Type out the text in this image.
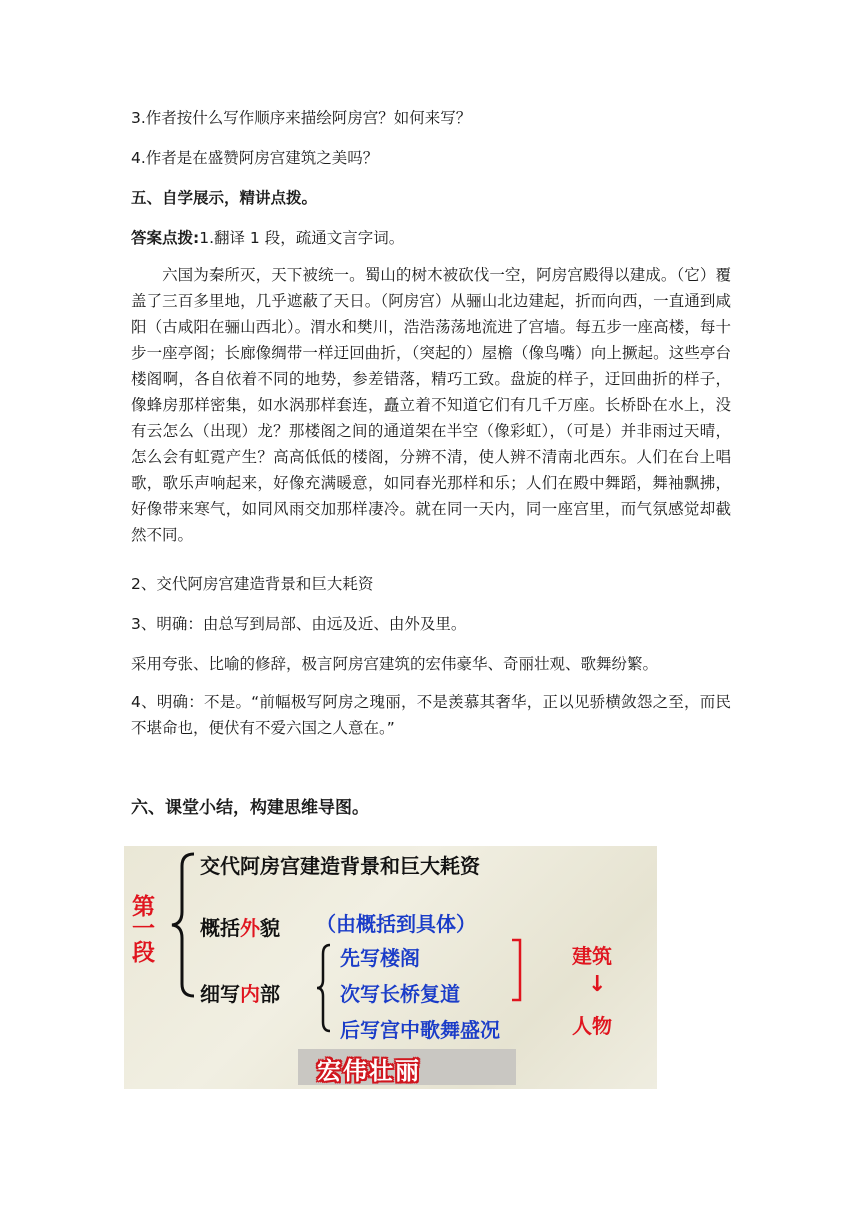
3.作者按什么写作顺序来描绘阿房宫？如何来写？
4.作者是在盛赞阿房宫建筑之美吗？
五、自学展示，精讲点拨。
答案点拨:1.翻译 1 段，疏通文言字词。
六国为秦所灭，天下被统一。蜀山的树木被砍伐一空，阿房宫殿得以建成。（它）覆盖了三百多里地，几乎遮蔽了天日。（阿房宫）从骊山北边建起，折而向西，一直通到咸阳（古咸阳在骊山西北）。渭水和樊川，浩浩荡荡地流进了宫墙。每五步一座高楼，每十步一座亭阁；长廊像绸带一样迂回曲折，（突起的）屋檐（像鸟嘴）向上撅起。这些亭台楼阁啊，各自依着不同的地势，参差错落，精巧工致。盘旋的样子，迂回曲折的样子，像蜂房那样密集，如水涡那样套连，矗立着不知道它们有几千万座。长桥卧在水上，没有云怎么（出现）龙？那楼阁之间的通道架在半空（像彩虹），（可是）并非雨过天晴，怎么会有虹霓产生？高高低低的楼阁，分辨不清，使人辨不清南北西东。人们在台上唱歌，歌乐声响起来，好像充满暖意，如同春光那样和乐；人们在殿中舞蹈，舞袖飘拂，好像带来寒气，如同风雨交加那样凄冷。就在同一天内，同一座宫里，而气氛感觉却截然不同。
2、交代阿房宫建造背景和巨大耗资
3、明确：由总写到局部、由远及近、由外及里。
采用夸张、比喻的修辞，极言阿房宫建筑的宏伟豪华、奇丽壮观、歌舞纷繁。
4、明确：不是。“前幅极写阿房之瑰丽，不是羡慕其奢华，正以见骄横敛怨之至，而民不堪命也，便伏有不爱六国之人意在。”
六、课堂小结，构建思维导图。
第
一
段
交代阿房宫建造背景和巨大耗资
概括外貌 （由概括到具体）
细写内部
先写楼阁
次写长桥复道
后写宫中歌舞盛况
建筑
↓
人物
宏伟壮丽
